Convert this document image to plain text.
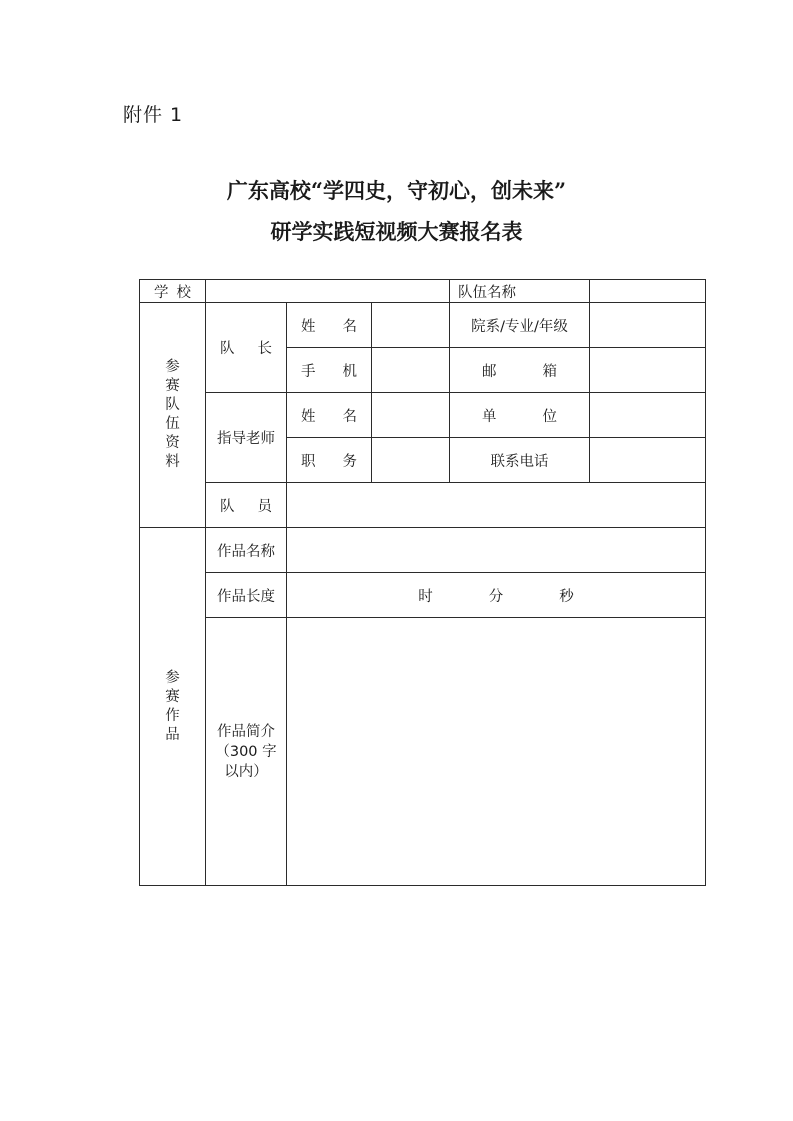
附件 1
广东高校“学四史，守初心，创未来”
研学实践短视频大赛报名表
学 校				队伍名称	
参赛队伍资料	队 长	姓 名		院系/专业/年级	

		手 机		邮 箱	

	指导老师	姓 名		单 位	

		职 务		联系电话	

	队 员				

参赛作品	作品名称				
	作品长度	时 分 秒			

	作品简介
（300 字
以内）				
